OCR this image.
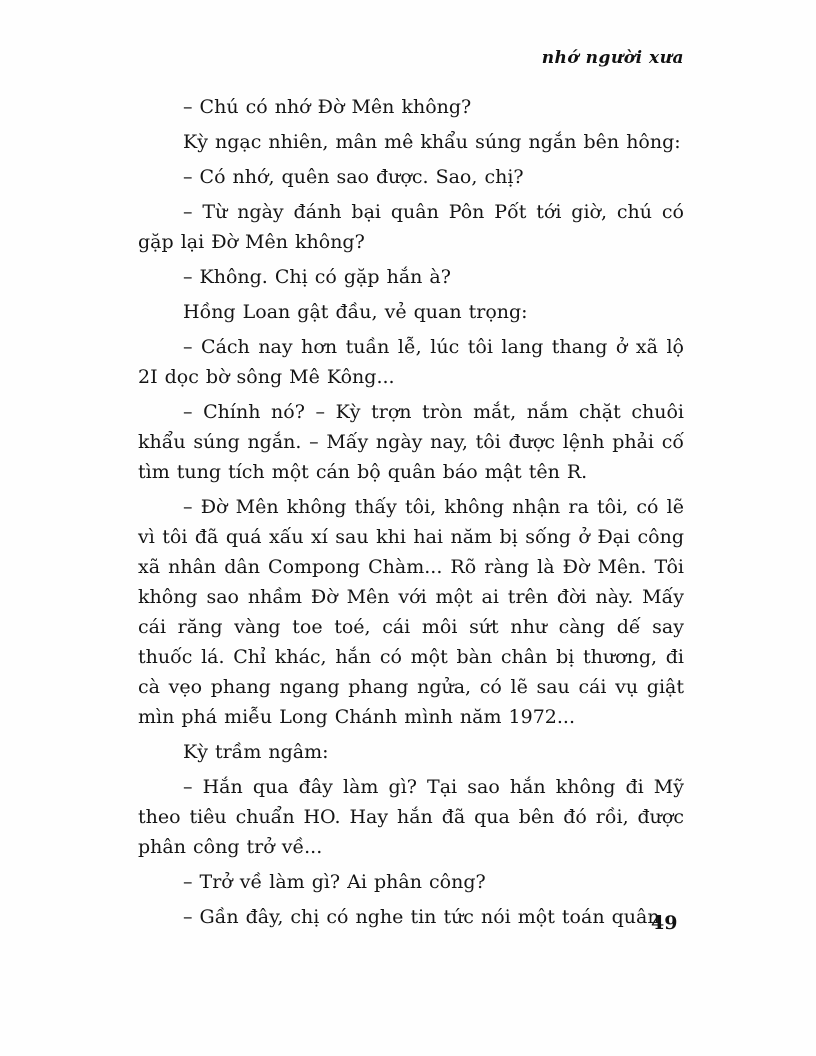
nhớ người xưa

– Chú có nhớ Đờ Mên không?

Kỳ ngạc nhiên, mân mê khẩu súng ngắn bên hông:

– Có nhớ, quên sao được. Sao, chị?

– Từ ngày đánh bại quân Pôn Pốt tới giờ, chú có gặp lại Đờ Mên không?

– Không. Chị có gặp hắn à?

Hồng Loan gật đầu, vẻ quan trọng:

– Cách nay hơn tuần lễ, lúc tôi lang thang ở xã lộ 2I dọc bờ sông Mê Kông...

– Chính nó? – Kỳ trợn tròn mắt, nắm chặt chuôi khẩu súng ngắn. – Mấy ngày nay, tôi được lệnh phải cố tìm tung tích một cán bộ quân báo mật tên R.

– Đờ Mên không thấy tôi, không nhận ra tôi, có lẽ vì tôi đã quá xấu xí sau khi hai năm bị sống ở Đại công xã nhân dân Compong Chàm... Rõ ràng là Đờ Mên. Tôi không sao nhầm Đờ Mên với một ai trên đời này. Mấy cái răng vàng toe toé, cái môi sứt như càng dế say thuốc lá. Chỉ khác, hắn có một bàn chân bị thương, đi cà vẹo phang ngang phang ngửa, có lẽ sau cái vụ giật mìn phá miễu Long Chánh mình năm 1972...

Kỳ trầm ngâm:

– Hắn qua đây làm gì? Tại sao hắn không đi Mỹ theo tiêu chuẩn HO. Hay hắn đã qua bên đó rồi, được phân công trở về...

– Trở về làm gì? Ai phân công?

– Gần đây, chị có nghe tin tức nói một toán quân

49
